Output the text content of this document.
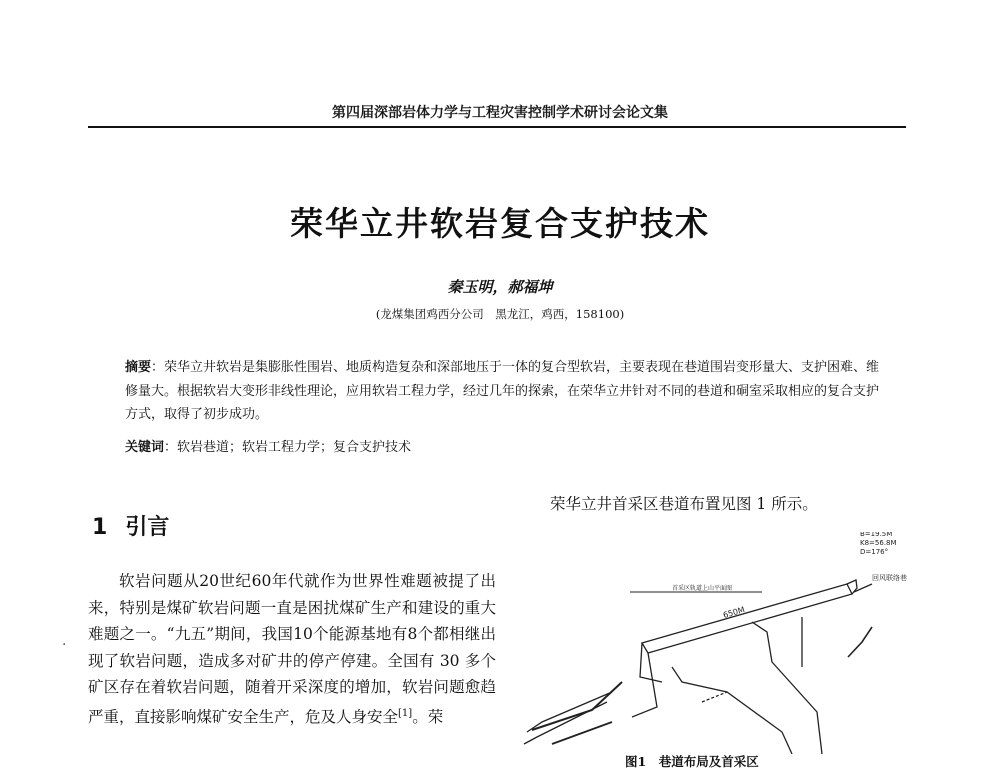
第四届深部岩体力学与工程灾害控制学术研讨会论文集
荣华立井软岩复合支护技术
秦玉明，郝福坤
(龙煤集团鸡西分公司　黑龙江，鸡西，158100)
摘要：荣华立井软岩是集膨胀性围岩、地质构造复杂和深部地压于一体的复合型软岩，主要表现在巷道围岩变形量大、支护困难、维修量大。根据软岩大变形非线性理论，应用软岩工程力学，经过几年的探索，在荣华立井针对不同的巷道和硐室采取相应的复合支护方式，取得了初步成功。
关键词：软岩巷道；软岩工程力学；复合支护技术
1 引言
·
软岩问题从20世纪60年代就作为世界性难题被提了出来，特别是煤矿软岩问题一直是困扰煤矿生产和建设的重大难题之一。“九五”期间，我国10个能源基地有8个都相继出现了软岩问题，造成多对矿井的停产停建。全国有 30 多个矿区存在着软岩问题，随着开采深度的增加，软岩问题愈趋严重，直接影响煤矿安全生产，危及人身安全[1]。荣
荣华立井首采区巷道布置见图 1 所示。
首采区轨道上山平面图
B=19.5M
K8=56.8M
D=176°
回风联络巷
650M
图1　巷道布局及首采区
